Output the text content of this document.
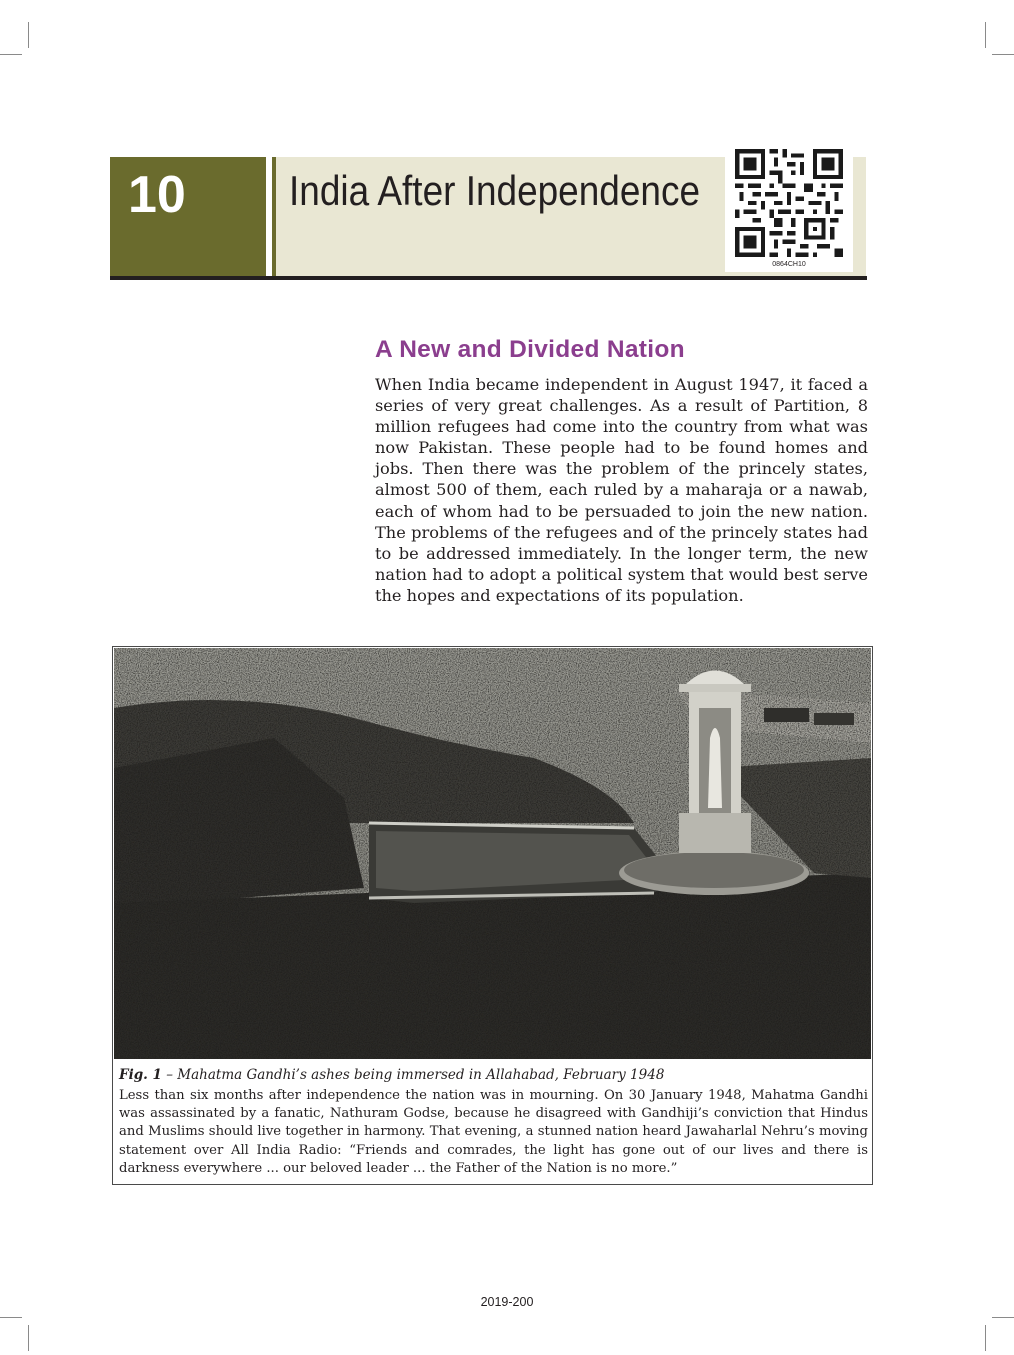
10 India After Independence
0864CH10
A New and Divided Nation

When India became independent in August 1947, it faced a series of very great challenges. As a result of Partition, 8 million refugees had come into the country from what was now Pakistan. These people had to be found homes and jobs. Then there was the problem of the princely states, almost 500 of them, each ruled by a maharaja or a nawab, each of whom had to be persuaded to join the new nation. The problems of the refugees and of the princely states had to be addressed immediately. In the longer term, the new nation had to adopt a political system that would best serve the hopes and expectations of its population.

Fig. 1 – Mahatma Gandhi’s ashes being immersed in Allahabad, February 1948

Less than six months after independence the nation was in mourning. On 30 January 1948, Mahatma Gandhi was assassinated by a fanatic, Nathuram Godse, because he disagreed with Gandhiji’s conviction that Hindus and Muslims should live together in harmony. That evening, a stunned nation heard Jawaharlal Nehru’s moving statement over All India Radio: “Friends and comrades, the light has gone out of our lives and there is darkness everywhere ... our beloved leader ... the Father of the Nation is no more.”

2019-200
